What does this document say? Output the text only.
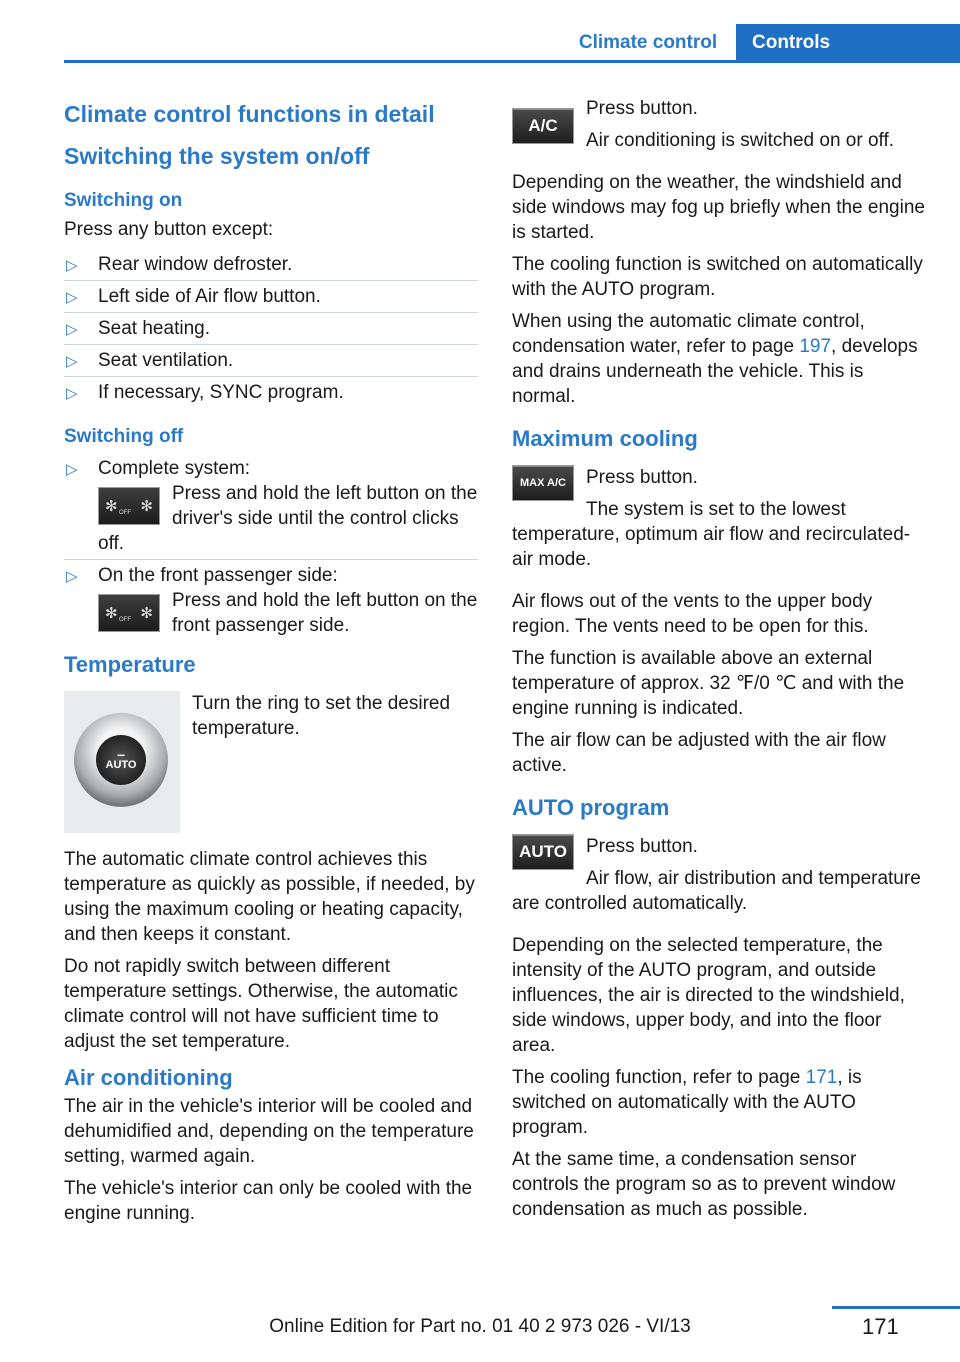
Climate control	Controls
Climate control functions in detail
Switching the system on/off
Switching on

Press any button except:

▷ Rear window defroster.
▷ Left side of Air flow button.
▷ Seat heating.
▷ Seat ventilation.
▷ If necessary, SYNC program.
Switching off
▷ Complete system:
✻ OFF ✻
Press and hold the left button on the driver's side until the control clicks off.
▷ On the front passenger side:
✻ OFF ✻
Press and hold the left button on the front passenger side.
Temperature
–
AUTO

Turn the ring to set the desired temperature.

The automatic climate control achieves this temperature as quickly as possible, if needed, by using the maximum cooling or heating capacity, and then keeps it constant.

Do not rapidly switch between different temperature settings. Otherwise, the automatic climate control will not have sufficient time to adjust the set temperature.

Air conditioning

The air in the vehicle's interior will be cooled and dehumidified and, depending on the temperature setting, warmed again.

The vehicle's interior can only be cooled with the engine running.

A/C

Press button.

Air conditioning is switched on or off.

Depending on the weather, the windshield and side windows may fog up briefly when the engine is started.

The cooling function is switched on automatically with the AUTO program.

When using the automatic climate control, condensation water, refer to page 197, develops and drains underneath the vehicle. This is normal.

Maximum cooling
MAX A/C	Press button.

The system is set to the lowest temperature, optimum air flow and recirculated-air mode.

Air flows out of the vents to the upper body region. The vents need to be open for this.

The function is available above an external temperature of approx. 32 ℉/0 ℃ and with the engine running is indicated.

The air flow can be adjusted with the air flow active.

AUTO program
AUTO	Press button.

Air flow, air distribution and temperature are controlled automatically.

Depending on the selected temperature, the intensity of the AUTO program, and outside influences, the air is directed to the windshield, side windows, upper body, and into the floor area.

The cooling function, refer to page 171, is switched on automatically with the AUTO program.

At the same time, a condensation sensor controls the program so as to prevent window condensation as much as possible.

171
Online Edition for Part no. 01 40 2 973 026 - VI/13
